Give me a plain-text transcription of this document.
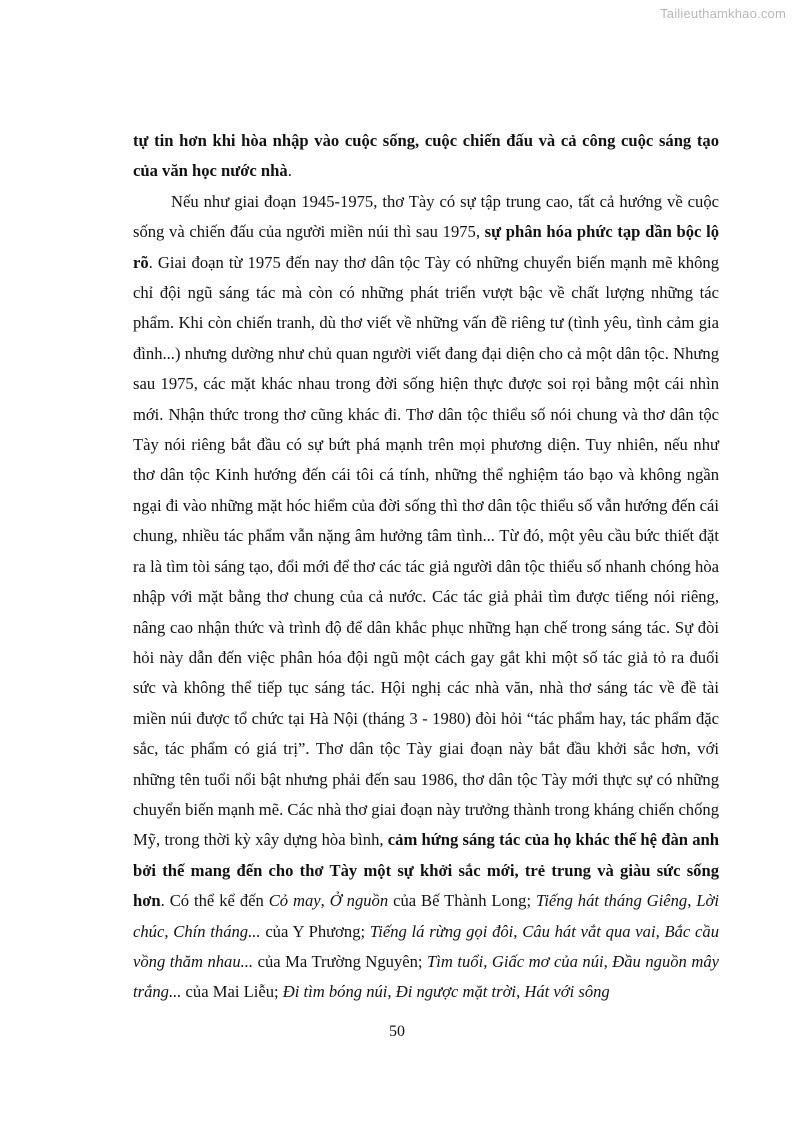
Tailieuthamkhao.com

tự tin hơn khi hòa nhập vào cuộc sống, cuộc chiến đấu và cả công cuộc sáng tạo của văn học nước nhà.

Nếu như giai đoạn 1945-1975, thơ Tày có sự tập trung cao, tất cả hướng về cuộc sống và chiến đấu của người miền núi thì sau 1975, sự phân hóa phức tạp dần bộc lộ rõ. Giai đoạn từ 1975 đến nay thơ dân tộc Tày có những chuyển biến mạnh mẽ không chỉ đội ngũ sáng tác mà còn có những phát triển vượt bậc về chất lượng những tác phẩm. Khi còn chiến tranh, dù thơ viết về những vấn đề riêng tư (tình yêu, tình cảm gia đình...) nhưng dường như chủ quan người viết đang đại diện cho cả một dân tộc. Nhưng sau 1975, các mặt khác nhau trong đời sống hiện thực được soi rọi bằng một cái nhìn mới. Nhận thức trong thơ cũng khác đi. Thơ dân tộc thiểu số nói chung và thơ dân tộc Tày nói riêng bắt đầu có sự bứt phá mạnh trên mọi phương diện. Tuy nhiên, nếu như thơ dân tộc Kinh hướng đến cái tôi cá tính, những thể nghiệm táo bạo và không ngần ngại đi vào những mặt hóc hiểm của đời sống thì thơ dân tộc thiểu số vẫn hướng đến cái chung, nhiều tác phẩm vẫn nặng âm hưởng tâm tình... Từ đó, một yêu cầu bức thiết đặt ra là tìm tòi sáng tạo, đổi mới để thơ các tác giả người dân tộc thiểu số nhanh chóng hòa nhập với mặt bằng thơ chung của cả nước. Các tác giả phải tìm được tiếng nói riêng, nâng cao nhận thức và trình độ để dân khắc phục những hạn chế trong sáng tác. Sự đòi hỏi này dẫn đến việc phân hóa đội ngũ một cách gay gắt khi một số tác giả tỏ ra đuối sức và không thể tiếp tục sáng tác. Hội nghị các nhà văn, nhà thơ sáng tác về đề tài miền núi được tổ chức tại Hà Nội (tháng 3 - 1980) đòi hỏi “tác phẩm hay, tác phẩm đặc sắc, tác phẩm có giá trị”. Thơ dân tộc Tày giai đoạn này bắt đầu khởi sắc hơn, với những tên tuổi nổi bật nhưng phải đến sau 1986, thơ dân tộc Tày mới thực sự có những chuyển biến mạnh mẽ. Các nhà thơ giai đoạn này trưởng thành trong kháng chiến chống Mỹ, trong thời kỳ xây dựng hòa bình, cảm hứng sáng tác của họ khác thế hệ đàn anh bởi thế mang đến cho thơ Tày một sự khởi sắc mới, trẻ trung và giàu sức sống hơn. Có thể kể đến Cỏ may, Ở nguồn của Bế Thành Long; Tiếng hát tháng Giêng, Lời chúc, Chín tháng... của Y Phương; Tiếng lá rừng gọi đôi, Câu hát vắt qua vai, Bắc cầu vồng thăm nhau... của Ma Trường Nguyên; Tìm tuổi, Giấc mơ của núi, Đầu nguồn mây trắng... của Mai Liễu; Đi tìm bóng núi, Đi ngược mặt trời, Hát với sông

50
